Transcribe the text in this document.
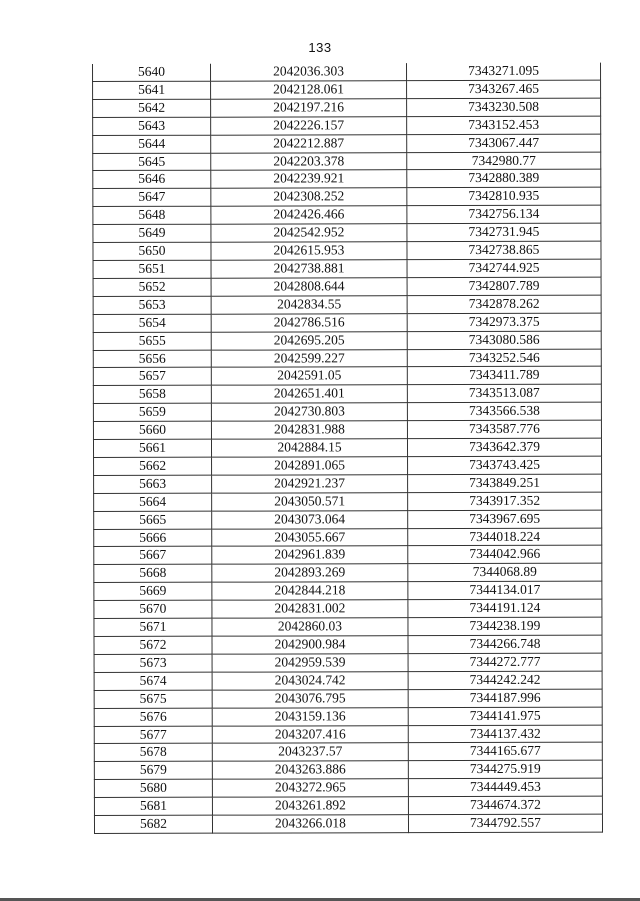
133
5640	2042036.303	7343271.095
5641	2042128.061	7343267.465
5642	2042197.216	7343230.508
5643	2042226.157	7343152.453
5644	2042212.887	7343067.447
5645	2042203.378	7342980.77
5646	2042239.921	7342880.389
5647	2042308.252	7342810.935
5648	2042426.466	7342756.134
5649	2042542.952	7342731.945
5650	2042615.953	7342738.865
5651	2042738.881	7342744.925
5652	2042808.644	7342807.789
5653	2042834.55	7342878.262
5654	2042786.516	7342973.375
5655	2042695.205	7343080.586
5656	2042599.227	7343252.546
5657	2042591.05	7343411.789
5658	2042651.401	7343513.087
5659	2042730.803	7343566.538
5660	2042831.988	7343587.776
5661	2042884.15	7343642.379
5662	2042891.065	7343743.425
5663	2042921.237	7343849.251
5664	2043050.571	7343917.352
5665	2043073.064	7343967.695
5666	2043055.667	7344018.224
5667	2042961.839	7344042.966
5668	2042893.269	7344068.89
5669	2042844.218	7344134.017
5670	2042831.002	7344191.124
5671	2042860.03	7344238.199
5672	2042900.984	7344266.748
5673	2042959.539	7344272.777
5674	2043024.742	7344242.242
5675	2043076.795	7344187.996
5676	2043159.136	7344141.975
5677	2043207.416	7344137.432
5678	2043237.57	7344165.677
5679	2043263.886	7344275.919
5680	2043272.965	7344449.453
5681	2043261.892	7344674.372
5682	2043266.018	7344792.557
